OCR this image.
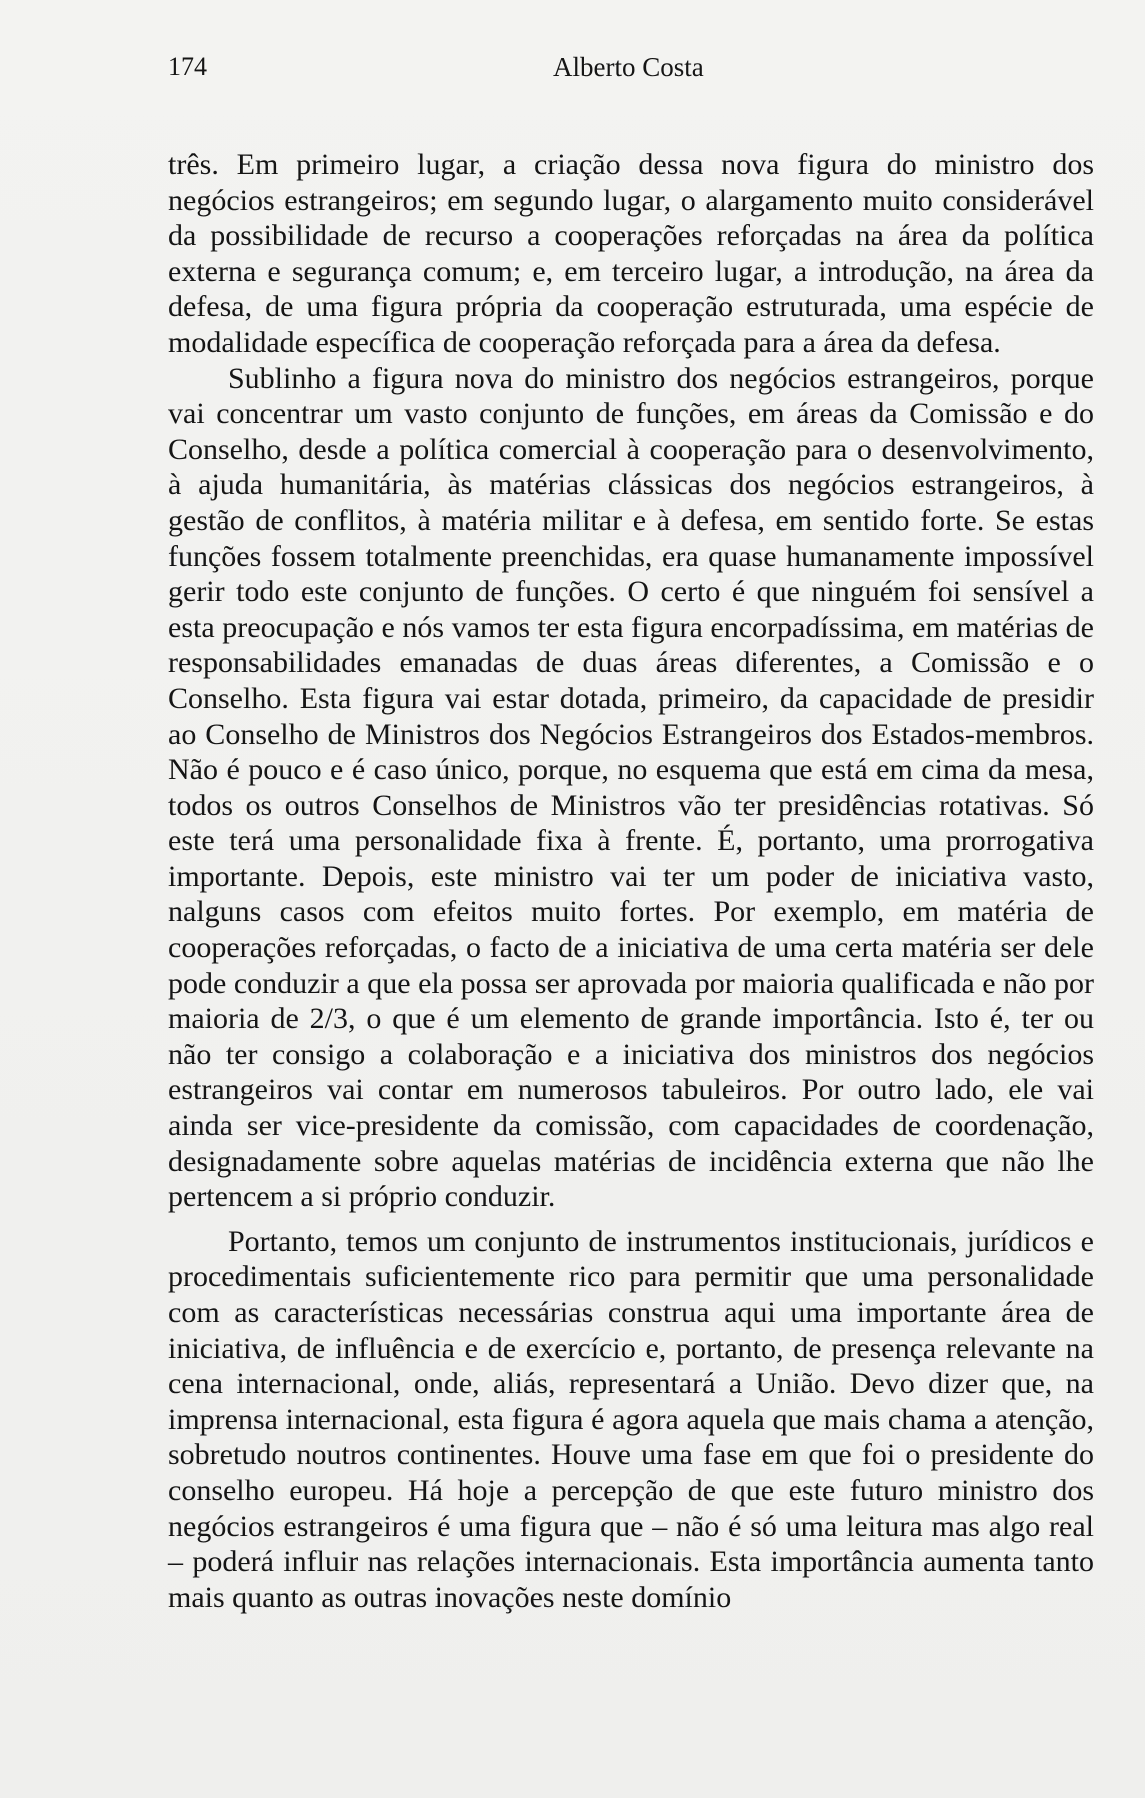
174	Alberto Costa

três. Em primeiro lugar, a criação dessa nova figura do ministro dos negócios estrangeiros; em segundo lugar, o alargamento muito considerável da possibilidade de recurso a cooperações reforçadas na área da política externa e segurança comum; e, em terceiro lugar, a introdução, na área da defesa, de uma figura própria da cooperação estruturada, uma espécie de modalidade específica de cooperação reforçada para a área da defesa.

Sublinho a figura nova do ministro dos negócios estrangeiros, porque vai concentrar um vasto conjunto de funções, em áreas da Comissão e do Conselho, desde a política comercial à cooperação para o desenvolvimento, à ajuda humanitária, às matérias clássicas dos negócios estrangeiros, à gestão de conflitos, à matéria militar e à defesa, em sentido forte. Se estas funções fossem totalmente preenchidas, era quase humanamente impossível gerir todo este conjunto de funções. O certo é que ninguém foi sensível a esta preocupação e nós vamos ter esta figura encorpadíssima, em matérias de responsabilidades emanadas de duas áreas diferentes, a Comissão e o Conselho. Esta figura vai estar dotada, primeiro, da capacidade de presidir ao Conselho de Ministros dos Negócios Estrangeiros dos Estados-membros. Não é pouco e é caso único, porque, no esquema que está em cima da mesa, todos os outros Conselhos de Ministros vão ter presidências rotativas. Só este terá uma personalidade fixa à frente. É, portanto, uma prorrogativa importante. Depois, este ministro vai ter um poder de iniciativa vasto, nalguns casos com efeitos muito fortes. Por exemplo, em matéria de cooperações reforçadas, o facto de a iniciativa de uma certa matéria ser dele pode conduzir a que ela possa ser aprovada por maioria qualificada e não por maioria de 2/3, o que é um elemento de grande importância. Isto é, ter ou não ter consigo a colaboração e a iniciativa dos ministros dos negócios estrangeiros vai contar em numerosos tabuleiros. Por outro lado, ele vai ainda ser vice-presidente da comissão, com capacidades de coordenação, designadamente sobre aquelas matérias de incidência externa que não lhe pertencem a si próprio conduzir.

Portanto, temos um conjunto de instrumentos institucionais, jurídicos e procedimentais suficientemente rico para permitir que uma personalidade com as características necessárias construa aqui uma importante área de iniciativa, de influência e de exercício e, portanto, de presença relevante na cena internacional, onde, aliás, representará a União. Devo dizer que, na imprensa internacional, esta figura é agora aquela que mais chama a atenção, sobretudo noutros continentes. Houve uma fase em que foi o presidente do conselho europeu. Há hoje a percepção de que este futuro ministro dos negócios estrangeiros é uma figura que – não é só uma leitura mas algo real – poderá influir nas relações internacionais. Esta importância aumenta tanto mais quanto as outras inovações neste domínio
